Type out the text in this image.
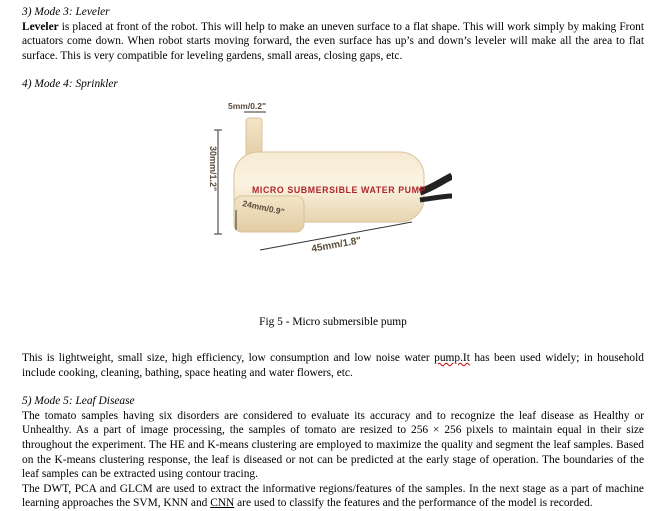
3) Mode 3: Leveler

Leveler is placed at front of the robot. This will help to make an uneven surface to a flat shape. This will work simply by making Front actuators come down. When robot starts moving forward, the even surface has up’s and down’s leveler will make all the area to flat surface. This is very compatible for leveling gardens, small areas, closing gaps, etc.

4) Mode 4: Sprinkler

5mm/0.2"
30mm/1.2"	MICRO SUBMERSIBLE WATER PUMP
24mm/0.9"
45mm/1.8"
Fig 5 - Micro submersible pump

This is lightweight, small size, high efficiency, low consumption and low noise water pump.It has been used widely; in household include cooking, cleaning, bathing, space heating and water flowers, etc.

5) Mode 5: Leaf Disease

The tomato samples having six disorders are considered to evaluate its accuracy and to recognize the leaf disease as Healthy or Unhealthy. As a part of image processing, the samples of tomato are resized to 256 × 256 pixels to maintain equal in their size throughout the experiment. The HE and K-means clustering are employed to maximize the quality and segment the leaf samples. Based on the K-means clustering response, the leaf is diseased or not can be predicted at the early stage of operation. The boundaries of the leaf samples can be extracted using contour tracing.

The DWT, PCA and GLCM are used to extract the informative regions/features of the samples. In the next stage as a part of machine learning approaches the SVM, KNN and CNN are used to classify the features and the performance of the model is recorded.
